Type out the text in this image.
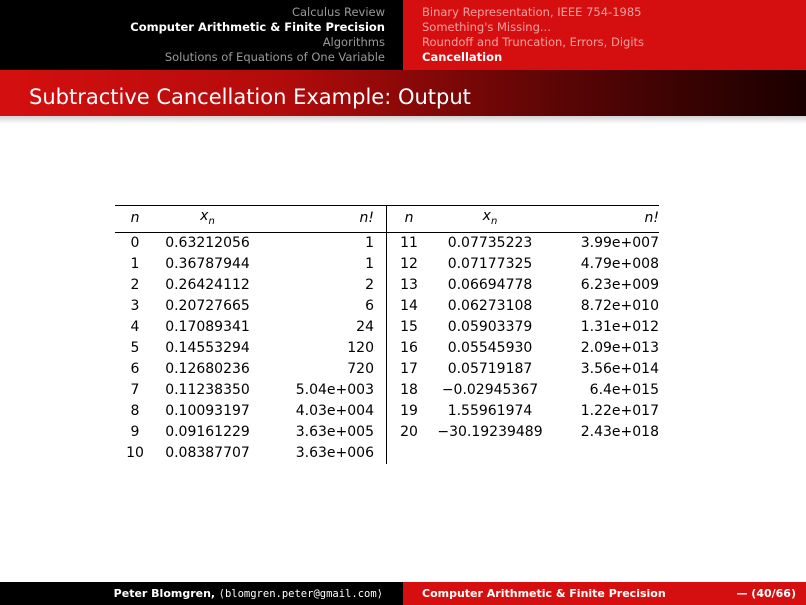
Calculus Review
Computer Arithmetic & Finite Precision
Algorithms
Solutions of Equations of One Variable
Binary Representation, IEEE 754-1985
Something's Missing...
Roundoff and Truncation, Errors, Digits
Cancellation
Subtractive Cancellation Example: Output
n	$x_n$	n!	n	$x_n$	n!
0	0.63212056	1	11	0.07735223	3.99e+007
1	0.36787944	1	12	0.07177325	4.79e+008
2	0.26424112	2	13	0.06694778	6.23e+009
3	0.20727665	6	14	0.06273108	8.72e+010
4	0.17089341	24	15	0.05903379	1.31e+012
5	0.14553294	120	16	0.05545930	2.09e+013
6	0.12680236	720	17	0.05719187	3.56e+014
7	0.11238350	5.04e+003	18	−0.02945367	6.4e+015
8	0.10093197	4.03e+004	19	1.55961974	1.22e+017
9	0.09161229	3.63e+005	20	−30.19239489	2.43e+018
10	0.08387707	3.63e+006			
Peter Blomgren, ⟨blomgren.peter@gmail.com⟩	Computer Arithmetic & Finite Precision	— (40/66)
